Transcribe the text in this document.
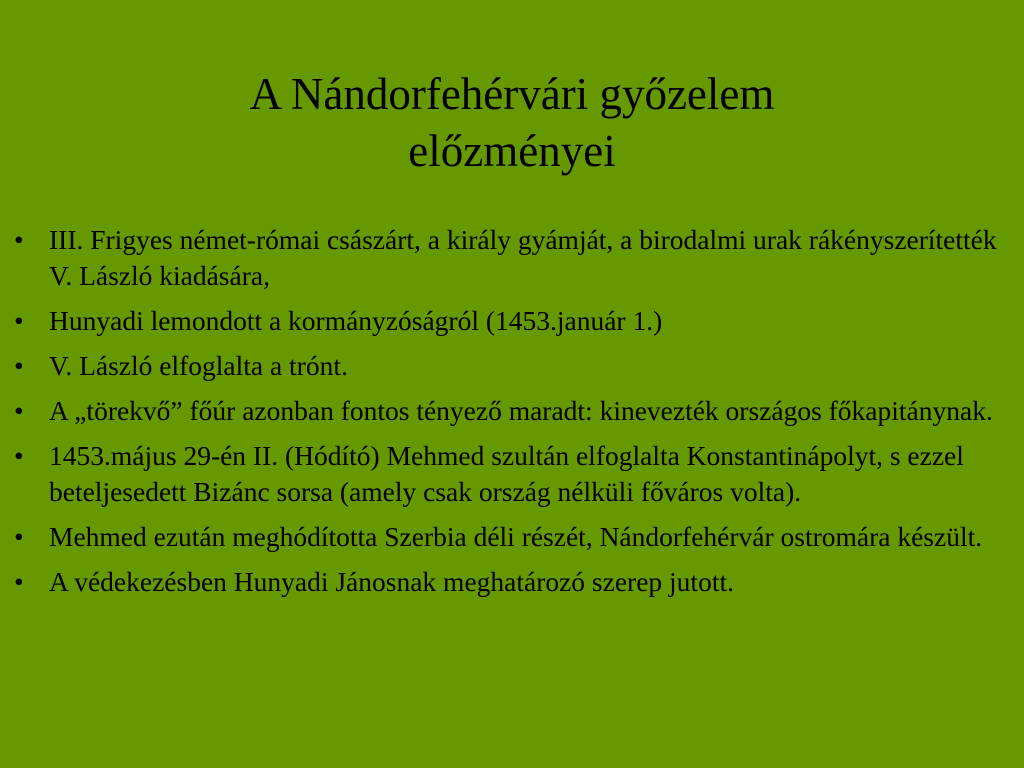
A Nándorfehérvári győzelem
előzményei
• III. Frigyes német-római császárt, a király gyámját, a birodalmi urak rákényszerítették V. László kiadására,
• Hunyadi lemondott a kormányzóságról (1453.január 1.)
• V. László elfoglalta a trónt.
• A „törekvő” főúr azonban fontos tényező maradt: kinevezték országos főkapitánynak.
• 1453.május 29-én II. (Hódító) Mehmed szultán elfoglalta Konstantinápolyt, s ezzel beteljesedett Bizánc sorsa (amely csak ország nélküli főváros volta).
• Mehmed ezután meghódította Szerbia déli részét, Nándorfehérvár ostromára készült.
• A védekezésben Hunyadi Jánosnak meghatározó szerep jutott.
